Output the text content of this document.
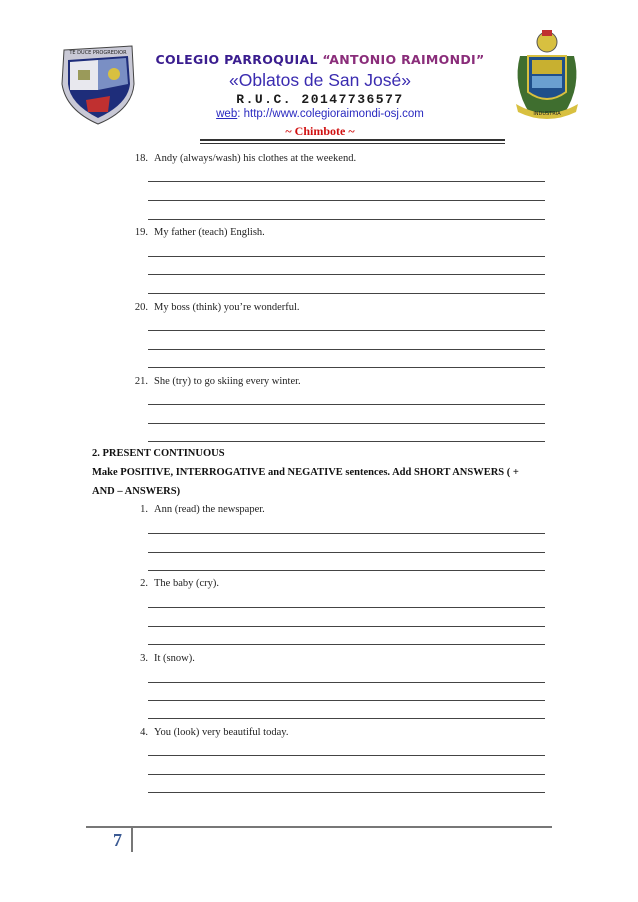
TE DUCE PROGREDIOR
INDUSTRIA
COLEGIO PARROQUIAL “ANTONIO RAIMONDI”
«Oblatos de San José»
R.U.C. 20147736577
web: http://www.colegioraimondi-osj.com
~ Chimbote ~
18. Andy (always/wash) his clothes at the weekend.
19. My father (teach) English.
20. My boss (think) you’re wonderful.
21. She (try) to go skiing every winter.
2. PRESENT CONTINUOUS
Make POSITIVE, INTERROGATIVE and NEGATIVE sentences. Add SHORT ANSWERS ( +
AND – ANSWERS)
1. Ann (read) the newspaper.
2. The baby (cry).
3. It (snow).
4. You (look) very beautiful today.
7
